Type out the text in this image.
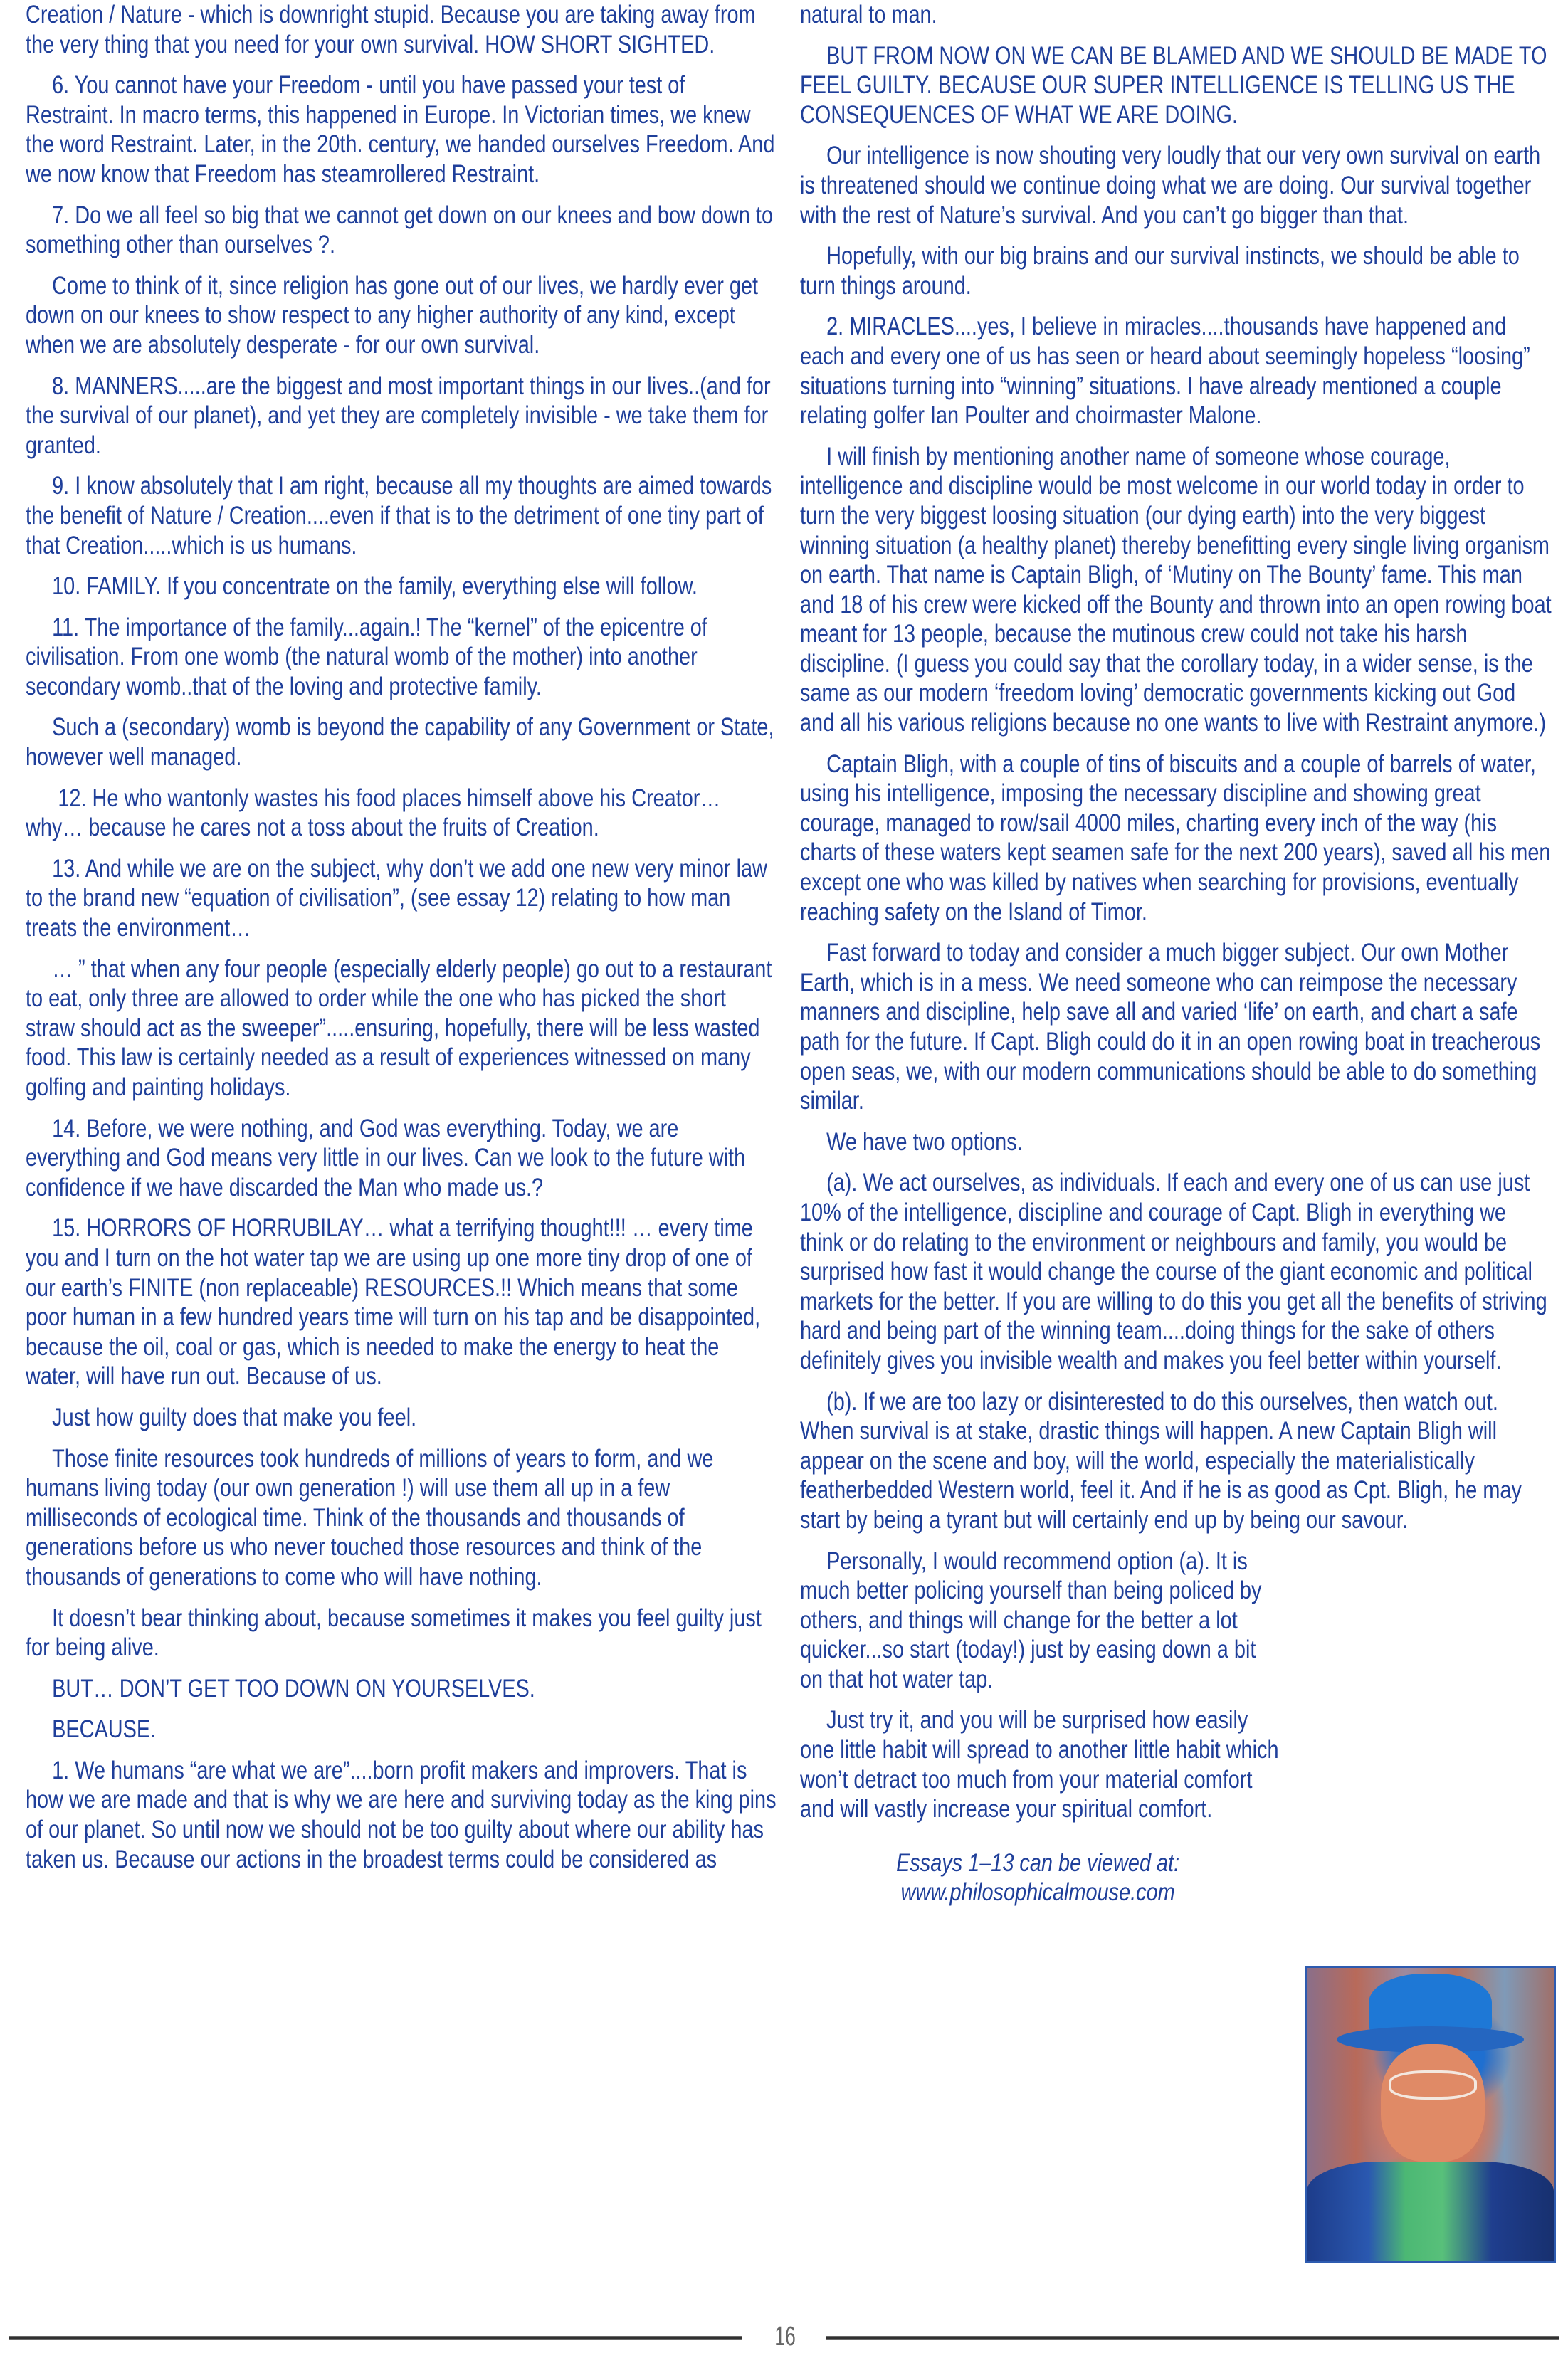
Creation / Nature - which is downright stupid. Because you are taking away from the very thing that you need for your own survival. HOW SHORT SIGHTED.

6. You cannot have your Freedom - until you have passed your test of Restraint. In macro terms, this happened in Europe. In Victorian times, we knew the word Restraint. Later, in the 20th. century, we handed ourselves Freedom. And we now know that Freedom has steamrollered Restraint.

7. Do we all feel so big that we cannot get down on our knees and bow down to something other than ourselves ?.

Come to think of it, since religion has gone out of our lives, we hardly ever get down on our knees to show respect to any higher authority of any kind, except when we are absolutely desperate - for our own survival.

8. MANNERS.....are the biggest and most important things in our lives..(and for the survival of our planet), and yet they are completely invisible - we take them for granted.

9. I know absolutely that I am right, because all my thoughts are aimed towards the benefit of Nature / Creation....even if that is to the detriment of one tiny part of that Creation.....which is us humans.

10. FAMILY. If you concentrate on the family, everything else will follow.

11. The importance of the family...again.! The “kernel” of the epicentre of civilisation. From one womb (the natural womb of the mother) into another secondary womb..that of the loving and protective family.

Such a (secondary) womb is beyond the capability of any Government or State, however well managed.

12. He who wantonly wastes his food places himself above his Creator… why… because he cares not a toss about the fruits of Creation.

13. And while we are on the subject, why don’t we add one new very minor law to the brand new “equation of civilisation”, (see essay 12) relating to how man treats the environment…

… ” that when any four people (especially elderly people) go out to a restaurant to eat, only three are allowed to order while the one who has picked the short straw should act as the sweeper”.....ensuring, hopefully, there will be less wasted food. This law is certainly needed as a result of experiences witnessed on many golfing and painting holidays.

14. Before, we were nothing, and God was everything. Today, we are everything and God means very little in our lives. Can we look to the future with confidence if we have discarded the Man who made us.?

15. HORRORS OF HORRUBILAY… what a terrifying thought!!! … every time you and I turn on the hot water tap we are using up one more tiny drop of one of our earth’s FINITE (non replaceable) RESOURCES.!! Which means that some poor human in a few hundred years time will turn on his tap and be disappointed, because the oil, coal or gas, which is needed to make the energy to heat the water, will have run out. Because of us.

Just how guilty does that make you feel.

Those finite resources took hundreds of millions of years to form, and we humans living today (our own generation !) will use them all up in a few milliseconds of ecological time. Think of the thousands and thousands of generations before us who never touched those resources and think of the thousands of generations to come who will have nothing.

It doesn’t bear thinking about, because sometimes it makes you feel guilty just for being alive.

BUT… DON’T GET TOO DOWN ON YOURSELVES.

BECAUSE.

1. We humans “are what we are”....born profit makers and improvers. That is how we are made and that is why we are here and surviving today as the king pins of our planet. So until now we should not be too guilty about where our ability has taken us. Because our actions in the broadest terms could be considered as

natural to man.

BUT FROM NOW ON WE CAN BE BLAMED AND WE SHOULD BE MADE TO FEEL GUILTY. BECAUSE OUR SUPER INTELLIGENCE IS TELLING US THE CONSEQUENCES OF WHAT WE ARE DOING.

Our intelligence is now shouting very loudly that our very own survival on earth is threatened should we continue doing what we are doing. Our survival together with the rest of Nature’s survival. And you can’t go bigger than that.

Hopefully, with our big brains and our survival instincts, we should be able to turn things around.

2. MIRACLES....yes, I believe in miracles....thousands have happened and each and every one of us has seen or heard about seemingly hopeless “loosing” situations turning into “winning” situations. I have already mentioned a couple relating golfer Ian Poulter and choirmaster Malone.

I will finish by mentioning another name of someone whose courage, intelligence and discipline would be most welcome in our world today in order to turn the very biggest loosing situation (our dying earth) into the very biggest winning situation (a healthy planet) thereby benefitting every single living organism on earth. That name is Captain Bligh, of ‘Mutiny on The Bounty’ fame. This man and 18 of his crew were kicked off the Bounty and thrown into an open rowing boat meant for 13 people, because the mutinous crew could not take his harsh discipline. (I guess you could say that the corollary today, in a wider sense, is the same as our modern ‘freedom loving’ democratic governments kicking out God and all his various religions because no one wants to live with Restraint anymore.)

Captain Bligh, with a couple of tins of biscuits and a couple of barrels of water, using his intelligence, imposing the necessary discipline and showing great courage, managed to row/sail 4000 miles, charting every inch of the way (his charts of these waters kept seamen safe for the next 200 years), saved all his men except one who was killed by natives when searching for provisions, eventually reaching safety on the Island of Timor.

Fast forward to today and consider a much bigger subject. Our own Mother Earth, which is in a mess. We need someone who can reimpose the necessary manners and discipline, help save all and varied ‘life’ on earth, and chart a safe path for the future. If Capt. Bligh could do it in an open rowing boat in treacherous open seas, we, with our modern communications should be able to do something similar.

We have two options.

(a). We act ourselves, as individuals. If each and every one of us can use just 10% of the intelligence, discipline and courage of Capt. Bligh in everything we think or do relating to the environment or neighbours and family, you would be surprised how fast it would change the course of the giant economic and political markets for the better. If you are willing to do this you get all the benefits of striving hard and being part of the winning team....doing things for the sake of others definitely gives you invisible wealth and makes you feel better within yourself.

(b). If we are too lazy or disinterested to do this ourselves, then watch out. When survival is at stake, drastic things will happen. A new Captain Bligh will appear on the scene and boy, will the world, especially the materialistically featherbedded Western world, feel it. And if he is as good as Cpt. Bligh, he may start by being a tyrant but will certainly end up by being our savour.

Personally, I would recommend option (a). It is much better policing yourself than being policed by others, and things will change for the better a lot quicker...so start (today!) just by easing down a bit on that hot water tap.

Just try it, and you will be surprised how easily one little habit will spread to another little habit which won’t detract too much from your material comfort and will vastly increase your spiritual comfort.

Essays 1–13 can be viewed at:
www.philosophicalmouse.com

16
